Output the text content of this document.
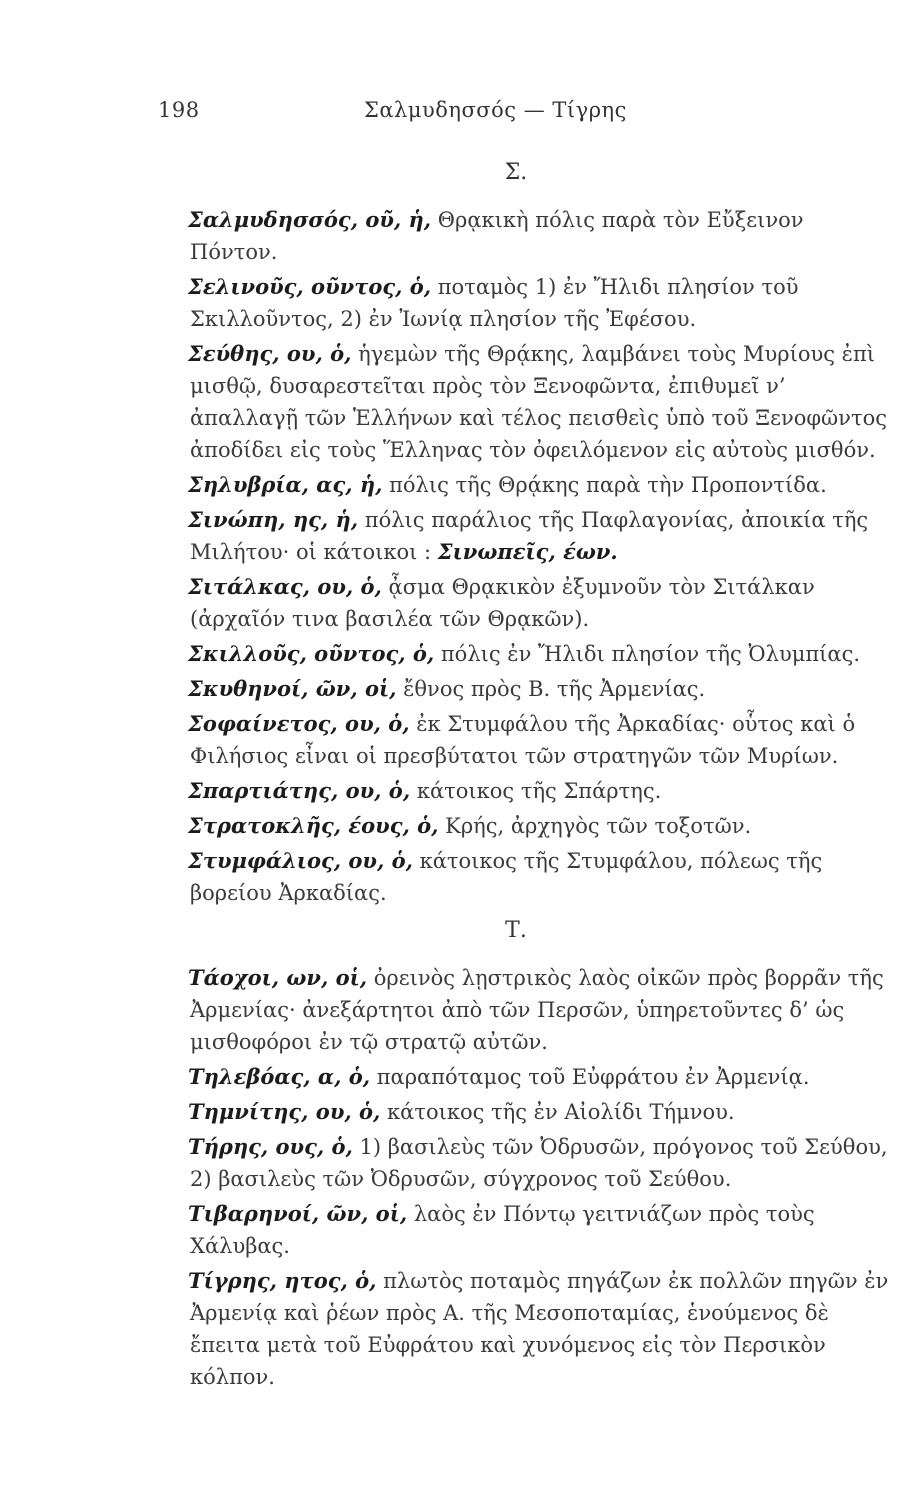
198	Σαλμυδησσός — Τίγρης
Σ.

Σαλμυδησσός, οῦ, ἡ, Θρᾳκικὴ πόλις παρὰ τὸν Εὔξεινον Πόντον.

Σελινοῦς, οῦντος, ὁ, ποταμὸς 1) ἐν Ἤλιδι πλησίον τοῦ Σκιλλοῦντος, 2) ἐν Ἰωνίᾳ πλησίον τῆς Ἐφέσου.

Σεύθης, ου, ὁ, ἡγεμὼν τῆς Θρᾴκης, λαμβάνει τοὺς Μυρίους ἐπὶ μισθῷ, δυσαρεστεῖται πρὸς τὸν Ξενοφῶντα, ἐπιθυμεῖ ν’ ἀπαλλαγῇ τῶν Ἑλλήνων καὶ τέλος πεισθεὶς ὑπὸ τοῦ Ξενοφῶντος ἀποδίδει εἰς τοὺς Ἕλληνας τὸν ὀφειλόμενον εἰς αὐτοὺς μισθόν.

Σηλυβρία, ας, ἡ, πόλις τῆς Θρᾴκης παρὰ τὴν Προποντίδα.

Σινώπη, ης, ἡ, πόλις παράλιος τῆς Παφλαγονίας, ἀποικία τῆς Μιλήτου· οἱ κάτοικοι : Σινωπεῖς, έων.

Σιτάλκας, ου, ὁ, ᾆσμα Θρᾳκικὸν ἐξυμνοῦν τὸν Σιτάλκαν (ἀρχαῖόν τινα βασιλέα τῶν Θρᾳκῶν).

Σκιλλοῦς, οῦντος, ὁ, πόλις ἐν Ἤλιδι πλησίον τῆς Ὀλυμπίας.

Σκυθηνοί, ῶν, οἱ, ἔθνος πρὸς Β. τῆς Ἀρμενίας.

Σοφαίνετος, ου, ὁ, ἐκ Στυμφάλου τῆς Ἀρκαδίας· οὗτος καὶ ὁ Φιλήσιος εἶναι οἱ πρεσβύτατοι τῶν στρατηγῶν τῶν Μυρίων.

Σπαρτιάτης, ου, ὁ, κάτοικος τῆς Σπάρτης.

Στρατοκλῆς, έους, ὁ, Κρής, ἀρχηγὸς τῶν τοξοτῶν.

Στυμφάλιος, ου, ὁ, κάτοικος τῆς Στυμφάλου, πόλεως τῆς βορείου Ἀρκαδίας.

Τ.

Τάοχοι, ων, οἱ, ὀρεινὸς λῃστρικὸς λαὸς οἰκῶν πρὸς βορρᾶν τῆς Ἀρμενίας· ἀνεξάρτητοι ἀπὸ τῶν Περσῶν, ὑπηρετοῦντες δ’ ὡς μισθοφόροι ἐν τῷ στρατῷ αὐτῶν.

Τηλεβόας, α, ὁ, παραπόταμος τοῦ Εὐφράτου ἐν Ἀρμενίᾳ.

Τημνίτης, ου, ὁ, κάτοικος τῆς ἐν Αἰολίδι Τήμνου.

Τήρης, ους, ὁ, 1) βασιλεὺς τῶν Ὀδρυσῶν, πρόγονος τοῦ Σεύθου, 2) βασιλεὺς τῶν Ὀδρυσῶν, σύγχρονος τοῦ Σεύθου.

Τιβαρηνοί, ῶν, οἱ, λαὸς ἐν Πόντῳ γειτνιάζων πρὸς τοὺς Χάλυβας.

Τίγρης, ητος, ὁ, πλωτὸς ποταμὸς πηγάζων ἐκ πολλῶν πηγῶν ἐν Ἀρμενίᾳ καὶ ῥέων πρὸς Α. τῆς Μεσοποταμίας, ἑνούμενος δὲ ἔπειτα μετὰ τοῦ Εὐφράτου καὶ χυνόμενος εἰς τὸν Περσικὸν κόλπον.
